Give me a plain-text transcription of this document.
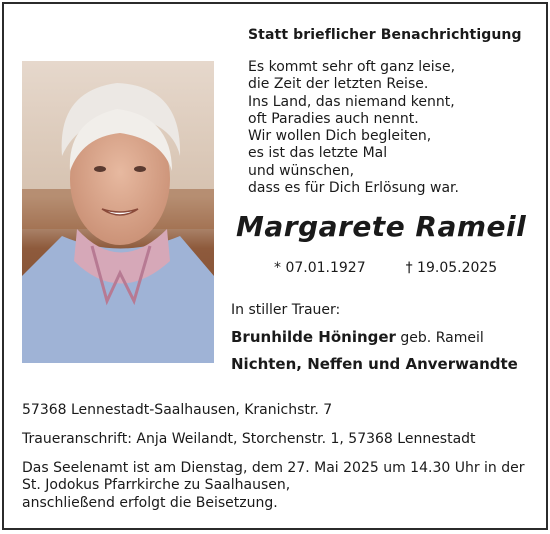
Statt brieflicher Benachrichtigung
Es kommt sehr oft ganz leise,
die Zeit der letzten Reise.
Ins Land, das niemand kennt,
oft Paradies auch nennt.
Wir wollen Dich begleiten,
es ist das letzte Mal
und wünschen,
dass es für Dich Erlösung war.
Margarete Rameil
* 07.01.1927	† 19.05.2025
In stiller Trauer:
Brunhilde Höninger geb. Rameil
Nichten, Neffen und Anverwandte
57368 Lennestadt-Saalhausen, Kranichstr. 7
Traueranschrift: Anja Weilandt, Storchenstr. 1, 57368 Lennestadt
Das Seelenamt ist am Dienstag, dem 27. Mai 2025 um 14.30 Uhr in der
St. Jodokus Pfarrkirche zu Saalhausen,
anschließend erfolgt die Beisetzung.
